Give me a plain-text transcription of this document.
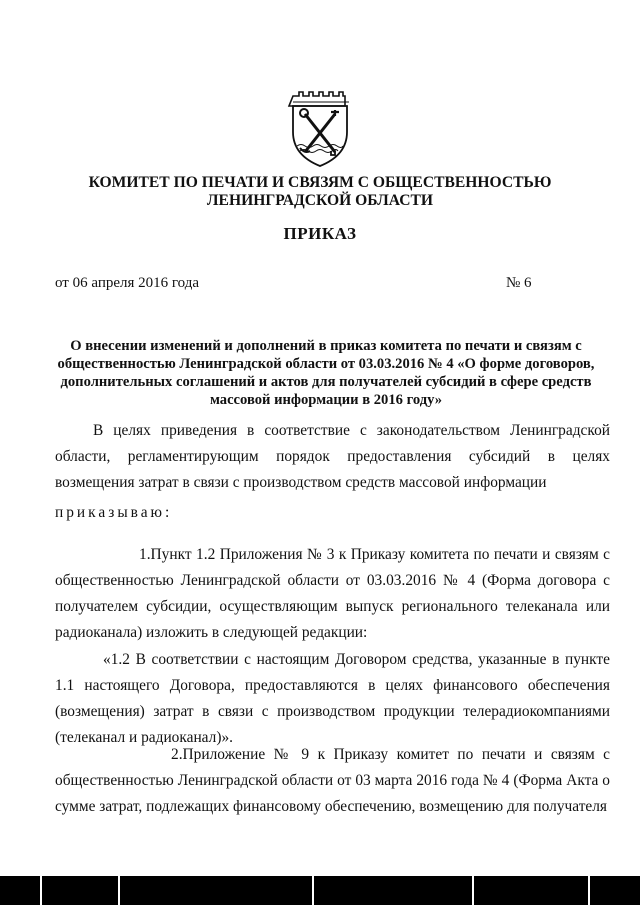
КОМИТЕТ ПО ПЕЧАТИ И СВЯЗЯМ С ОБЩЕСТВЕННОСТЬЮ ЛЕНИНГРАДСКОЙ ОБЛАСТИ
ПРИКАЗ
от 06 апреля 2016 года	№ 6
О внесении изменений и дополнений в приказ комитета по печати и связям с общественностью Ленинградской области от 03.03.2016 № 4 «О форме договоров, дополнительных соглашений и актов для получателей субсидий в сфере средств массовой информации в 2016 году»
В целях приведения в соответствие с законодательством Ленинградской области, регламентирующим порядок предоставления субсидий в целях возмещения затрат в связи с производством средств массовой информации
приказываю:
1.Пункт 1.2 Приложения № 3 к Приказу комитета по печати и связям с общественностью Ленинградской области от 03.03.2016 № 4 (Форма договора с получателем субсидии, осуществляющим выпуск регионального телеканала или радиоканала) изложить в следующей редакции:
«1.2 В соответствии с настоящим Договором средства, указанные в пункте 1.1 настоящего Договора, предоставляются в целях финансового обеспечения (возмещения) затрат в связи с производством продукции телерадиокомпаниями (телеканал и радиоканал)».
2.Приложение № 9 к Приказу комитет по печати и связям с общественностью Ленинградской области от 03 марта 2016 года № 4 (Форма Акта о сумме затрат, подлежащих финансовому обеспечению, возмещению для получателя
